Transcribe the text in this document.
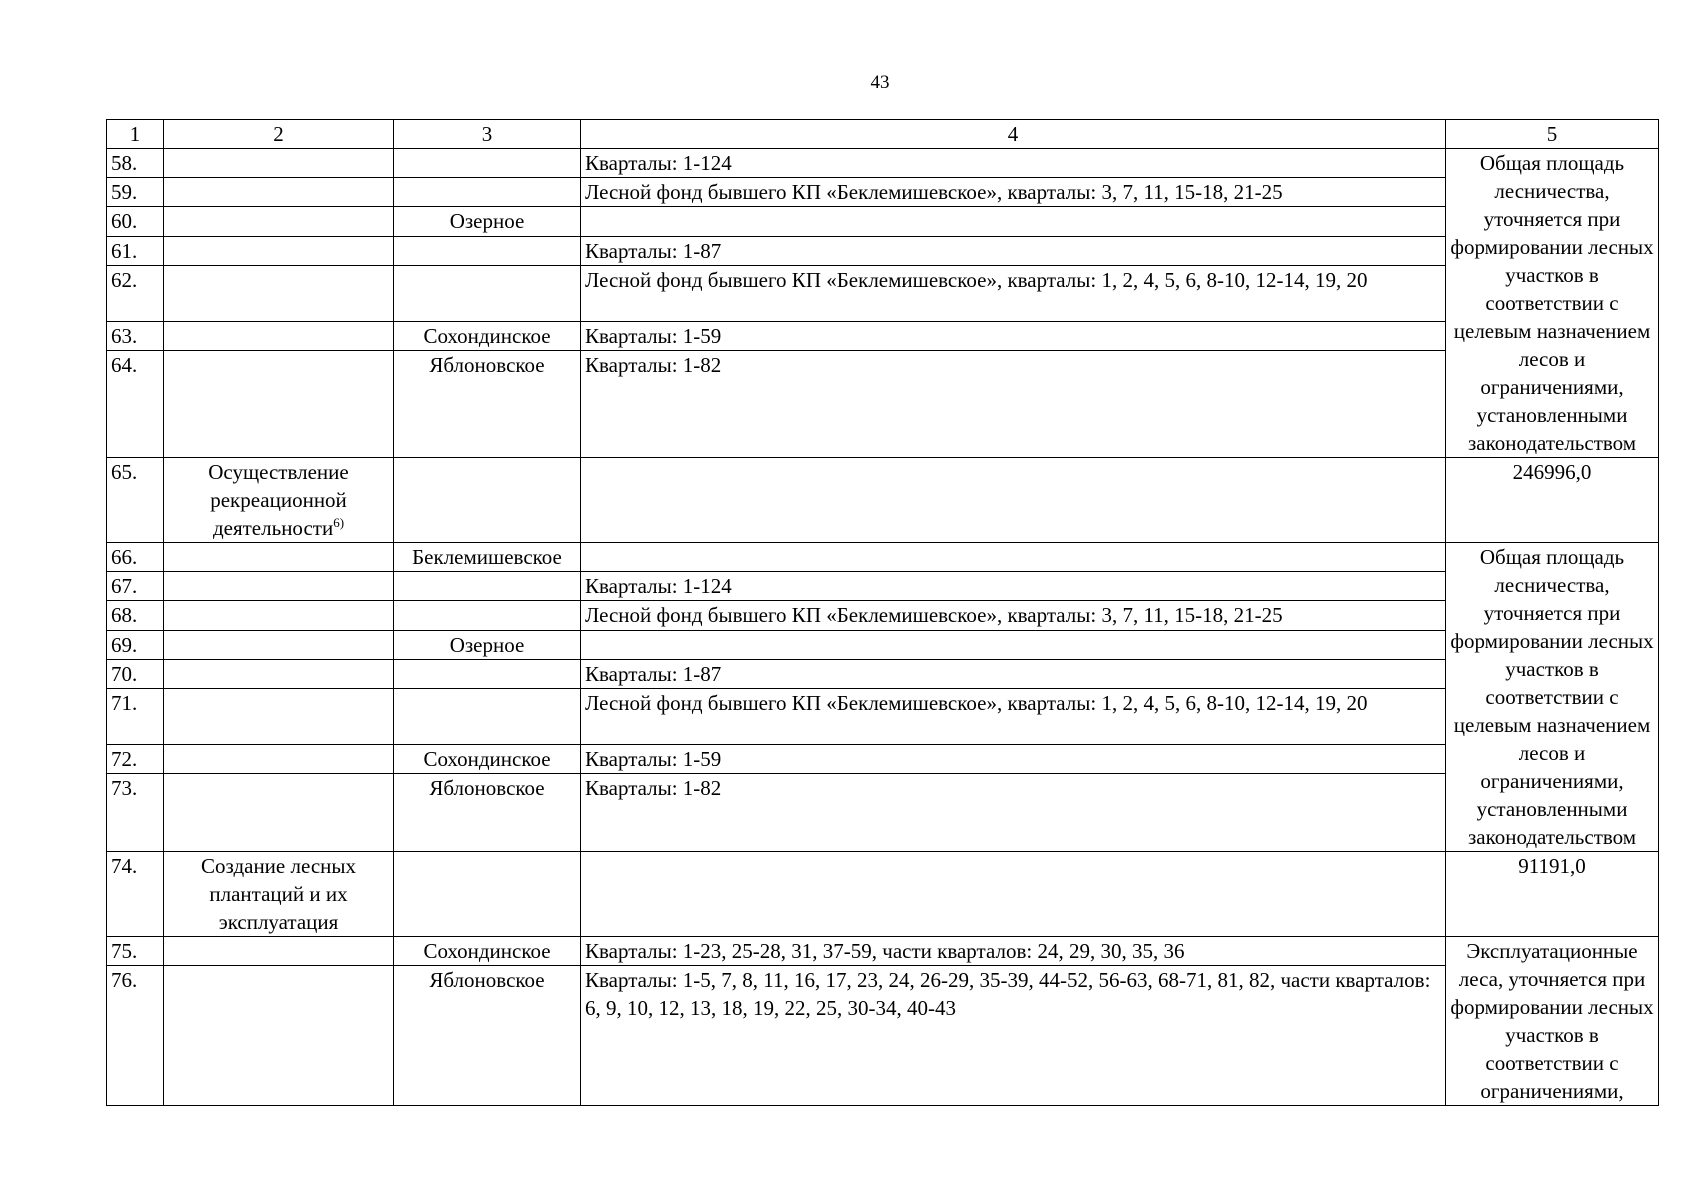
43
1	2	3	4	5
58.			Кварталы: 1-124	Общая площадь лесничества, уточняется при формировании лесных участков в соответствии с целевым назначением лесов и ограничениями, установленными законодательством
59.			Лесной фонд бывшего КП «Беклемишевское», кварталы: 3, 7, 11, 15-18, 21-25	
60.		Озерное		
61.			Кварталы: 1-87	
62.			Лесной фонд бывшего КП «Беклемишевское», кварталы: 1, 2, 4, 5, 6, 8-10, 12-14, 19, 20	
63.		Сохондинское	Кварталы: 1-59	
64.		Яблоновское	Кварталы: 1-82	
65.	Осуществление рекреационной деятельности$^{6)}$			246996,0
66.		Беклемишевское		Общая площадь лесничества, уточняется при формировании лесных участков в соответствии с целевым назначением лесов и ограничениями, установленными законодательством
67.			Кварталы: 1-124	
68.			Лесной фонд бывшего КП «Беклемишевское», кварталы: 3, 7, 11, 15-18, 21-25	
69.		Озерное		
70.			Кварталы: 1-87	
71.			Лесной фонд бывшего КП «Беклемишевское», кварталы: 1, 2, 4, 5, 6, 8-10, 12-14, 19, 20	
72.		Сохондинское	Кварталы: 1-59	
73.		Яблоновское	Кварталы: 1-82	
74.	Создание лесных плантаций и их эксплуатация			91191,0
75.		Сохондинское	Кварталы: 1-23, 25-28, 31, 37-59, части кварталов: 24, 29, 30, 35, 36	Эксплуатационные леса, уточняется при формировании лесных участков в соответствии с ограничениями,
76.		Яблоновское	Кварталы: 1-5, 7, 8, 11, 16, 17, 23, 24, 26-29, 35-39, 44-52, 56-63, 68-71, 81, 82, части кварталов: 6, 9, 10, 12, 13, 18, 19, 22, 25, 30-34, 40-43	
